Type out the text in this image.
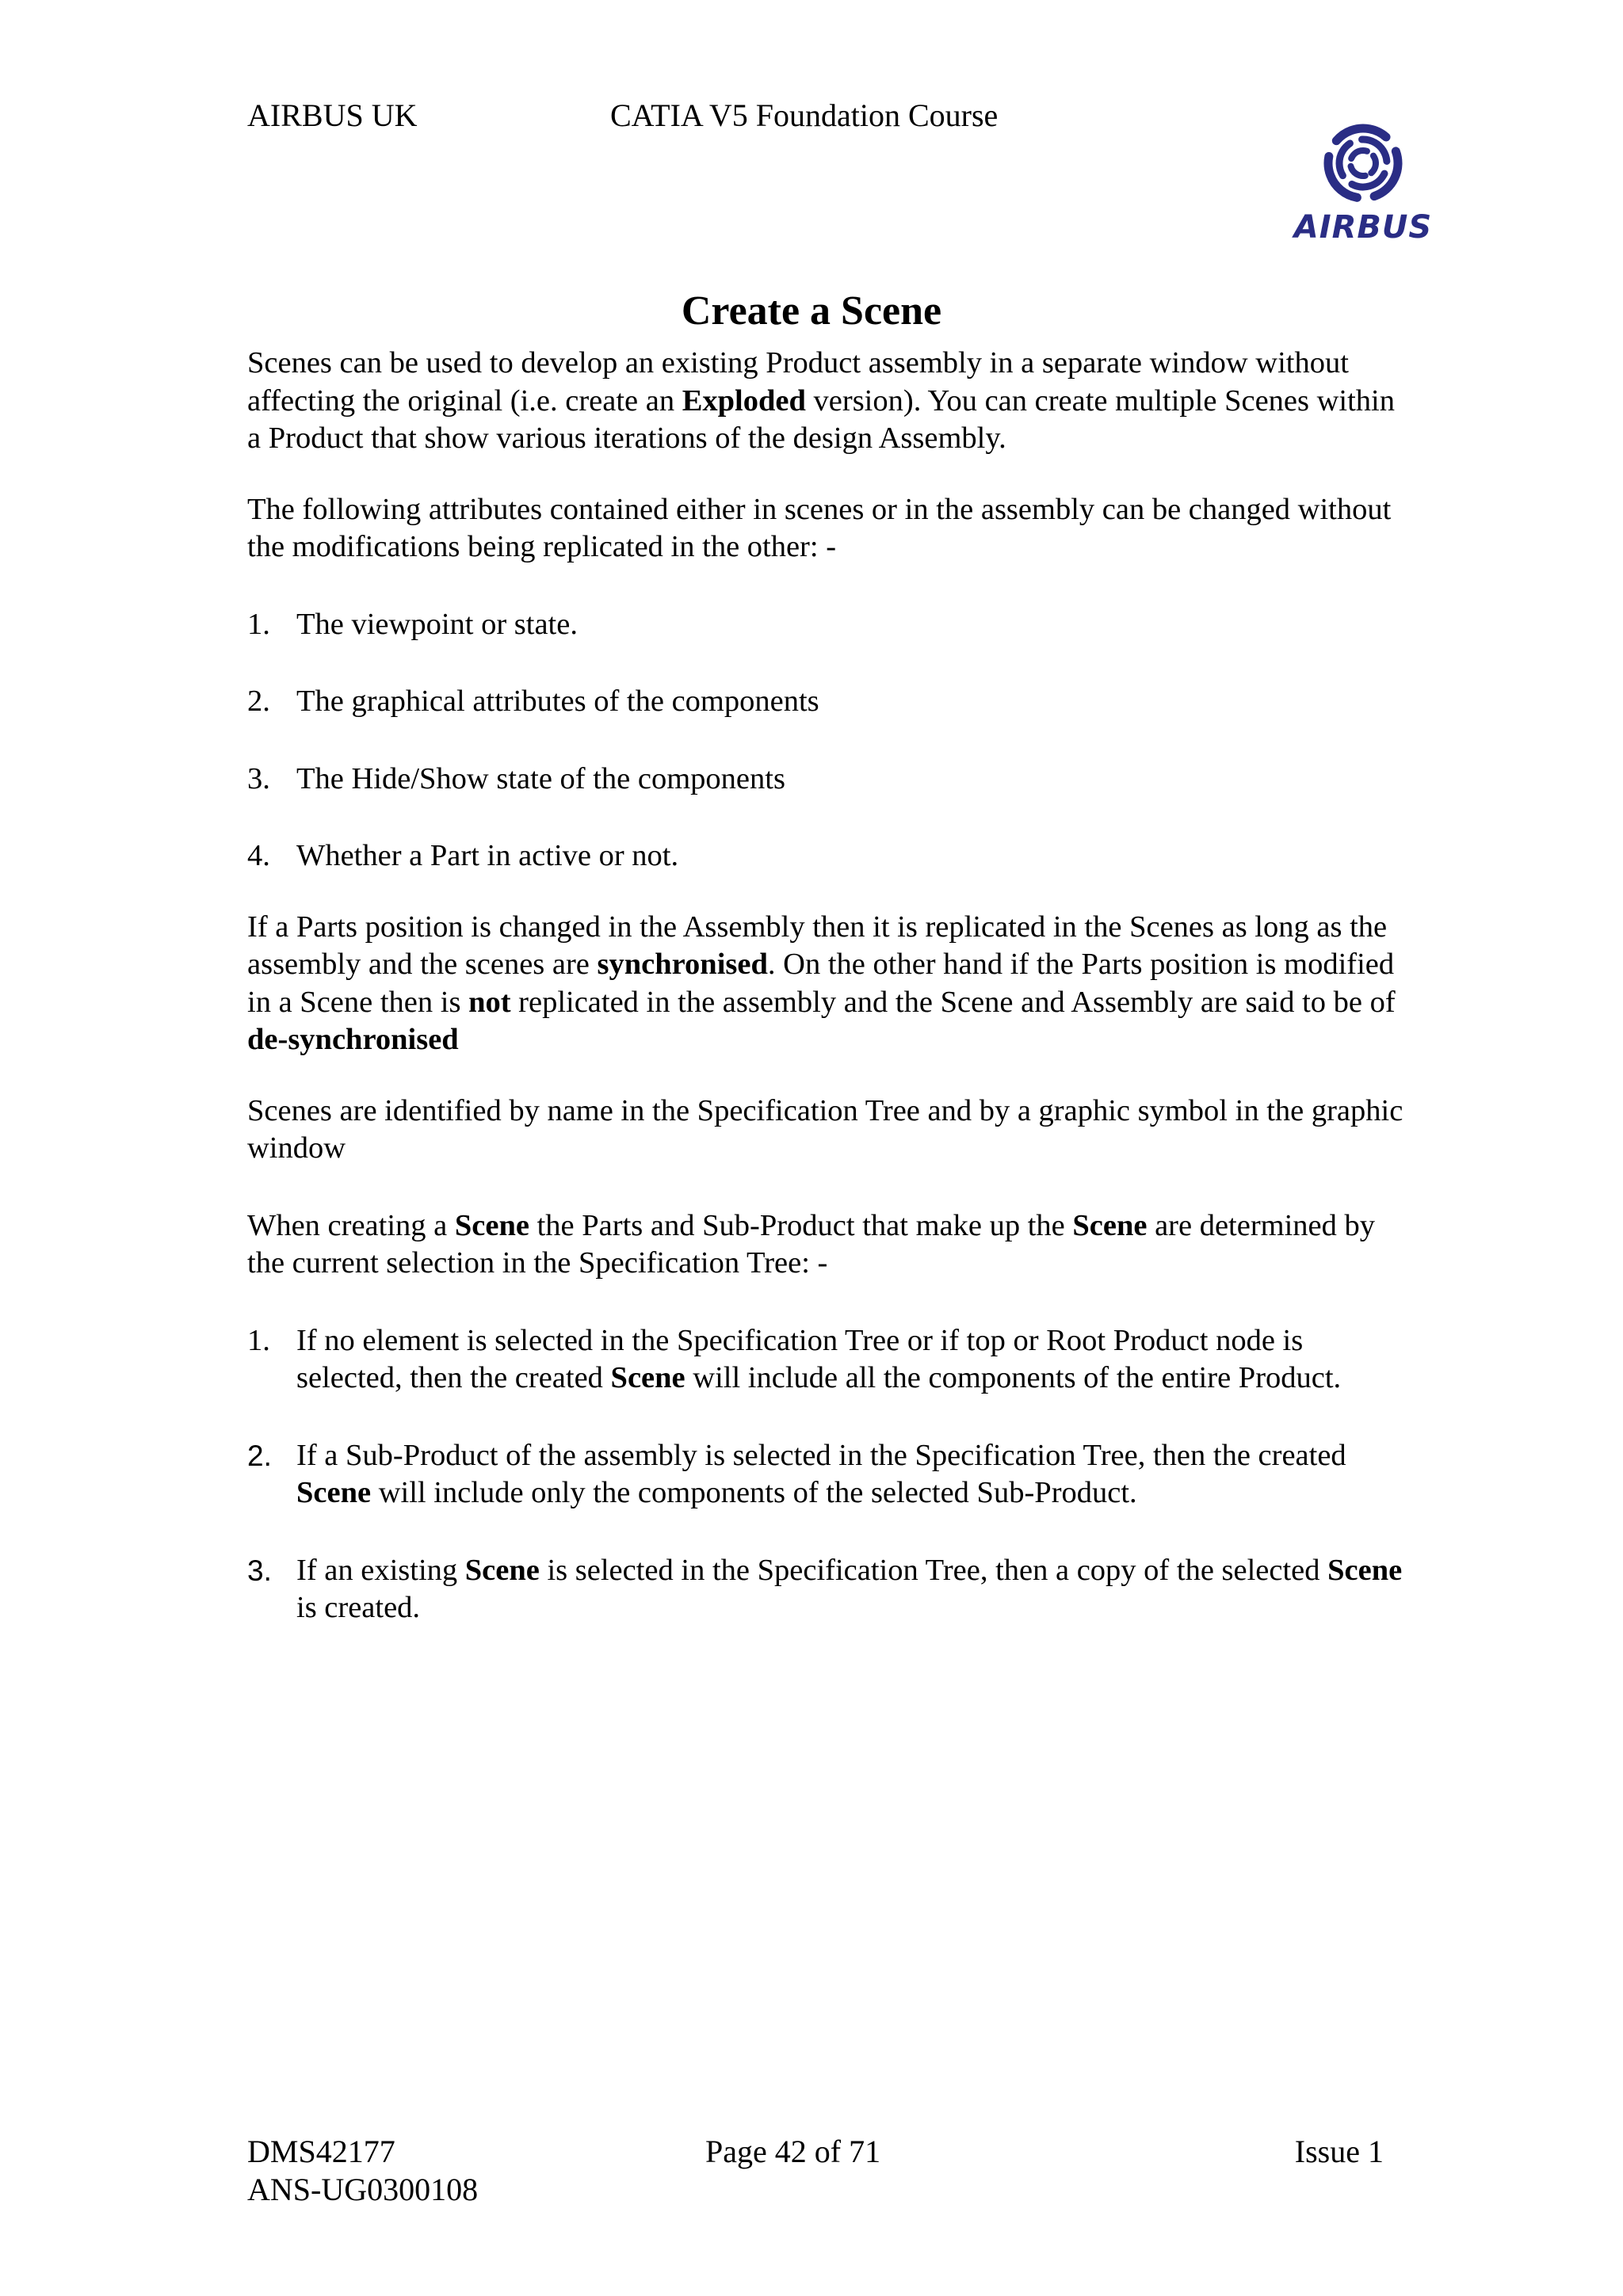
AIRBUS UK	CATIA V5 Foundation Course
AIRBUS
Create a Scene

Scenes can be used to develop an existing Product assembly in a separate window without affecting the original (i.e. create an Exploded version). You can create multiple Scenes within a Product that show various iterations of the design Assembly.

The following attributes contained either in scenes or in the assembly can be changed without the modifications being replicated in the other: -

1. The viewpoint or state.
2. The graphical attributes of the components
3. The Hide/Show state of the components
4. Whether a Part in active or not.

If a Parts position is changed in the Assembly then it is replicated in the Scenes as long as the assembly and the scenes are synchronised. On the other hand if the Parts position is modified in a Scene then is not replicated in the assembly and the Scene and Assembly are said to be of de-synchronised

Scenes are identified by name in the Specification Tree and by a graphic symbol in the graphic window

When creating a Scene the Parts and Sub-Product that make up the Scene are determined by the current selection in the Specification Tree: -

1. If no element is selected in the Specification Tree or if top or Root Product node is selected, then the created Scene will include all the components of the entire Product.
2. If a Sub-Product of the assembly is selected in the Specification Tree, then the created Scene will include only the components of the selected Sub-Product.
3. If an existing Scene is selected in the Specification Tree, then a copy of the selected Scene is created.
DMS42177
ANS-UG0300108
Page 42 of 71	Issue 1
